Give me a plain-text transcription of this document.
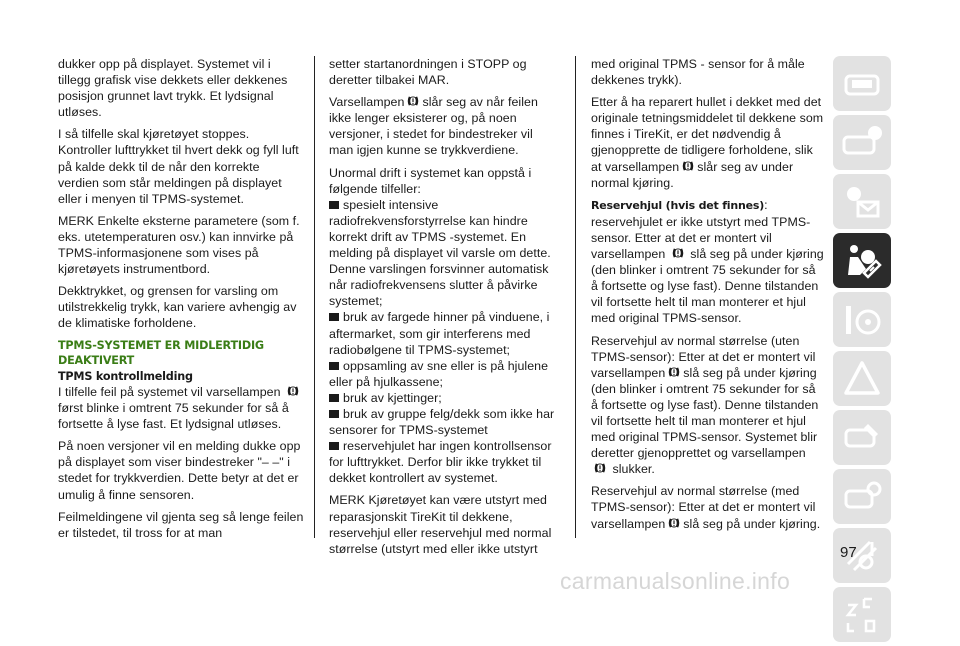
dukker opp på displayet. Systemet vil i tillegg grafisk vise dekkets eller dekkenes posisjon grunnet lavt trykk. Et lydsignal utløses.

I så tilfelle skal kjøretøyet stoppes. Kontroller lufttrykket til hvert dekk og fyll luft på kalde dekk til de når den korrekte verdien som står meldingen på displayet eller i menyen til TPMS-systemet.

MERK Enkelte eksterne parametere (som f. eks. utetemperaturen osv.) kan innvirke på TPMS-informasjonene som vises på kjøretøyets instrumentbord.

Dekktrykket, og grensen for varsling om utilstrekkelig trykk, kan variere avhengig av de klimatiske forholdene.

TPMS-SYSTEMET ER MIDLERTIDIG DEAKTIVERT
TPMS kontrollmelding

I tilfelle feil på systemet vil varsellampen først blinke i omtrent 75 sekunder for så å fortsette å lyse fast. Et lydsignal utløses.

På noen versjoner vil en melding dukke opp på displayet som viser bindestreker "– –" i stedet for trykkverdien. Dette betyr at det er umulig å finne sensoren.

Feilmeldingene vil gjenta seg så lenge feilen er tilstedet, til tross for at man

setter startanordningen i STOPP og deretter tilbakei MAR.

Varsellampen slår seg av når feilen ikke lenger eksisterer og, på noen versjoner, i stedet for bindestreker vil man igjen kunne se trykkverdiene.

Unormal drift i systemet kan oppstå i følgende tilfeller:

spesielt intensive radiofrekvensforstyrrelse kan hindre korrekt drift av TPMS -systemet. En melding på displayet vil varsle om dette. Denne varslingen forsvinner automatisk når radiofrekvensens slutter å påvirke systemet;

bruk av fargede hinner på vinduene, i aftermarket, som gir interferens med radiobølgene til TPMS-systemet;

oppsamling av sne eller is på hjulene eller på hjulkassene;

bruk av kjettinger;

bruk av gruppe felg/dekk som ikke har sensorer for TPMS-systemet

reservehjulet har ingen kontrollsensor for lufttrykket. Derfor blir ikke trykket til dekket kontrollert av systemet.

MERK Kjøretøyet kan være utstyrt med reparasjonskit TireKit til dekkene, reservehjul eller reservehjul med normal størrelse (utstyrt med eller ikke utstyrt

med original TPMS - sensor for å måle dekkenes trykk).

Etter å ha reparert hullet i dekket med det originale tetningsmiddelet til dekkene som finnes i TireKit, er det nødvendig å gjenopprette de tidligere forholdene, slik at varsellampen slår seg av under normal kjøring.

Reservehjul (hvis det finnes): reservehjulet er ikke utstyrt med TPMS-sensor. Etter at det er montert vil varsellampen slå seg på under kjøring (den blinker i omtrent 75 sekunder for så å fortsette og lyse fast). Denne tilstanden vil fortsette helt til man monterer et hjul med original TPMS-sensor.

Reservehjul av normal størrelse (uten TPMS-sensor): Etter at det er montert vil varsellampen slå seg på under kjøring (den blinker i omtrent 75 sekunder for så å fortsette og lyse fast). Denne tilstanden vil fortsette helt til man monterer et hjul med original TPMS-sensor. Systemet blir deretter gjenopprettet og varsellampen  slukker.

Reservehjul av normal størrelse (med TPMS-sensor): Etter at det er montert vil varsellampen slå seg på under kjøring.

97
carmanualsonline.info
